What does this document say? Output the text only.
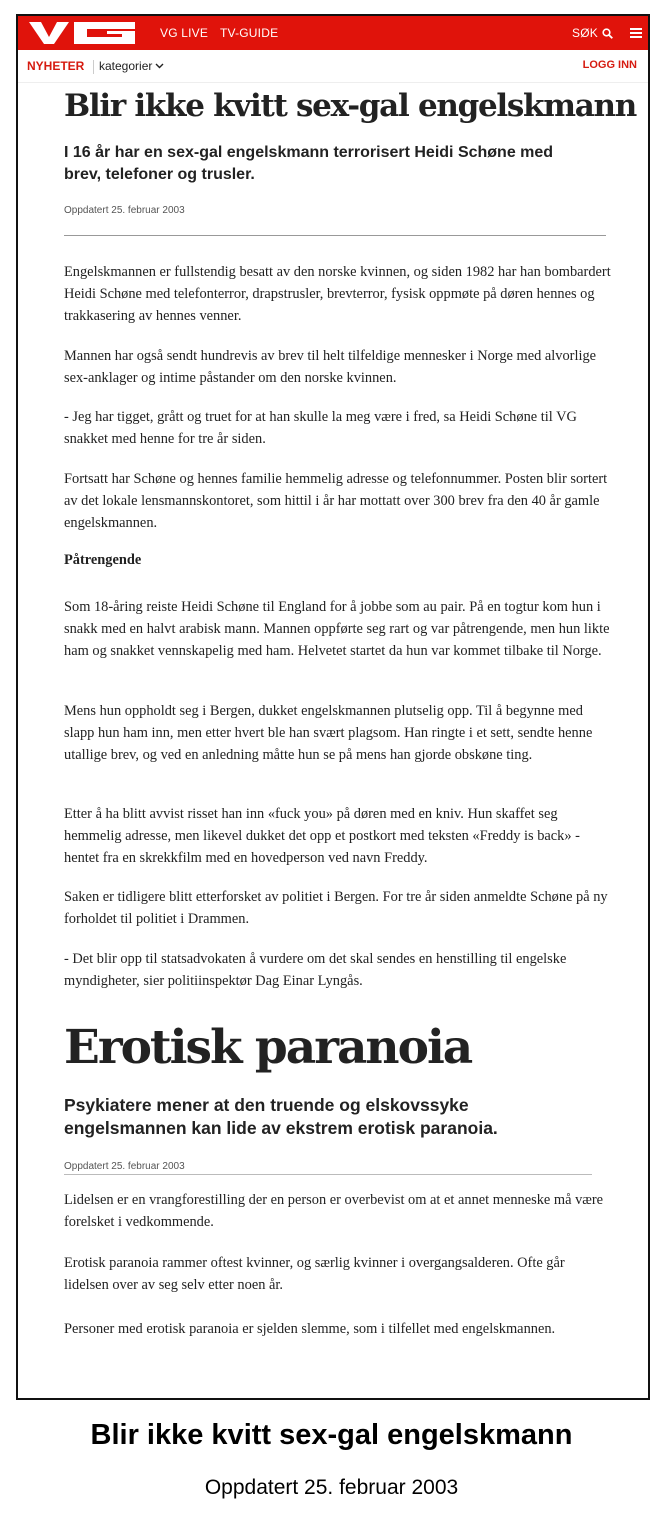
VG LIVE TV-GUIDE	SØK
NYHETER kategorier	LOGG INN
Blir ikke kvitt sex-gal engelskmann

I 16 år har en sex-gal engelskmann terrorisert Heidi Schøne med brev, telefoner og trusler.

Oppdatert 25. februar 2003

Engelskmannen er fullstendig besatt av den norske kvinnen, og siden 1982 har han bombardert Heidi Schøne med telefonterror, drapstrusler, brevterror, fysisk oppmøte på døren hennes og trakkasering av hennes venner.

Mannen har også sendt hundrevis av brev til helt tilfeldige mennesker i Norge med alvorlige sex-anklager og intime påstander om den norske kvinnen.

- Jeg har tigget, grått og truet for at han skulle la meg være i fred, sa Heidi Schøne til VG snakket med henne for tre år siden.

Fortsatt har Schøne og hennes familie hemmelig adresse og telefonnummer. Posten blir sortert av det lokale lensmannskontoret, som hittil i år har mottatt over 300 brev fra den 40 år gamle engelskmannen.

Påtrengende

Som 18-åring reiste Heidi Schøne til England for å jobbe som au pair. På en togtur kom hun i snakk med en halvt arabisk mann. Mannen oppførte seg rart og var påtrengende, men hun likte ham og snakket vennskapelig med ham. Helvetet startet da hun var kommet tilbake til Norge.

Mens hun oppholdt seg i Bergen, dukket engelskmannen plutselig opp. Til å begynne med slapp hun ham inn, men etter hvert ble han svært plagsom. Han ringte i et sett, sendte henne utallige brev, og ved en anledning måtte hun se på mens han gjorde obskøne ting.

Etter å ha blitt avvist risset han inn «fuck you» på døren med en kniv. Hun skaffet seg hemmelig adresse, men likevel dukket det opp et postkort med teksten «Freddy is back» - hentet fra en skrekkfilm med en hovedperson ved navn Freddy.

Saken er tidligere blitt etterforsket av politiet i Bergen. For tre år siden anmeldte Schøne på ny forholdet til politiet i Drammen.

- Det blir opp til statsadvokaten å vurdere om det skal sendes en henstilling til engelske myndigheter, sier politiinspektør Dag Einar Lyngås.

Erotisk paranoia

Psykiatere mener at den truende og elskovssyke engelsmannen kan lide av ekstrem erotisk paranoia.

Oppdatert 25. februar 2003

Lidelsen er en vrangforestilling der en person er overbevist om at et annet menneske må være forelsket i vedkommende.

Erotisk paranoia rammer oftest kvinner, og særlig kvinner i overgangsalderen. Ofte går lidelsen over av seg selv etter noen år.

Personer med erotisk paranoia er sjelden slemme, som i tilfellet med engelskmannen.

Blir ikke kvitt sex-gal engelskmann
Oppdatert 25. februar 2003
